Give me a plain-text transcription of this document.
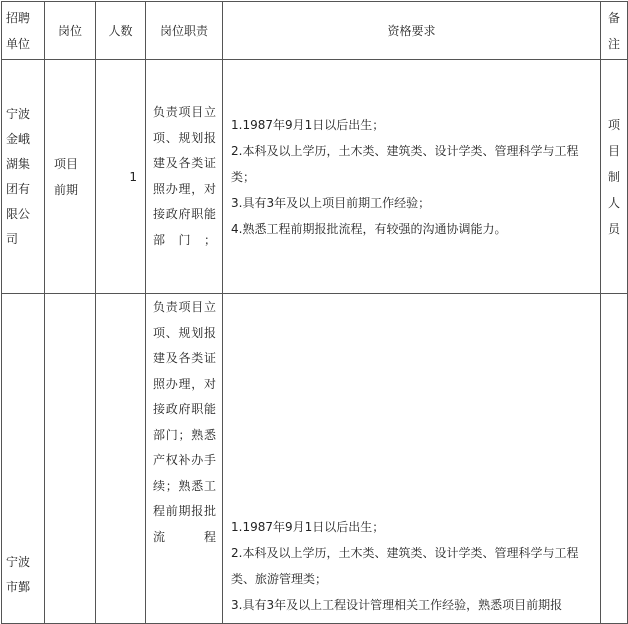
招聘单位	岗位	人数	岗位职责	资格要求	备注
宁波金峨湖集团有限公司	项目前期	1	负责项目立项、规划报建及各类证照办理，对接政府职能部门；	1.1987年9月1日以后出生；
2.本科及以上学历，土木类、建筑类、设计学类、管理科学与工程类；
3.具有3年及以上项目前期工作经验；
4.熟悉工程前期报批流程，有较强的沟通协调能力。	项目制人员
宁波市鄞			负责项目立项、规划报建及各类证照办理，对接政府职能部门；熟悉产权补办手续；熟悉工程前期报批流程	1.1987年9月1日以后出生；
2.本科及以上学历，土木类、建筑类、设计学类、管理科学与工程类、旅游管理类；
3.具有3年及以上工程设计管理相关工作经验，熟悉项目前期报	
